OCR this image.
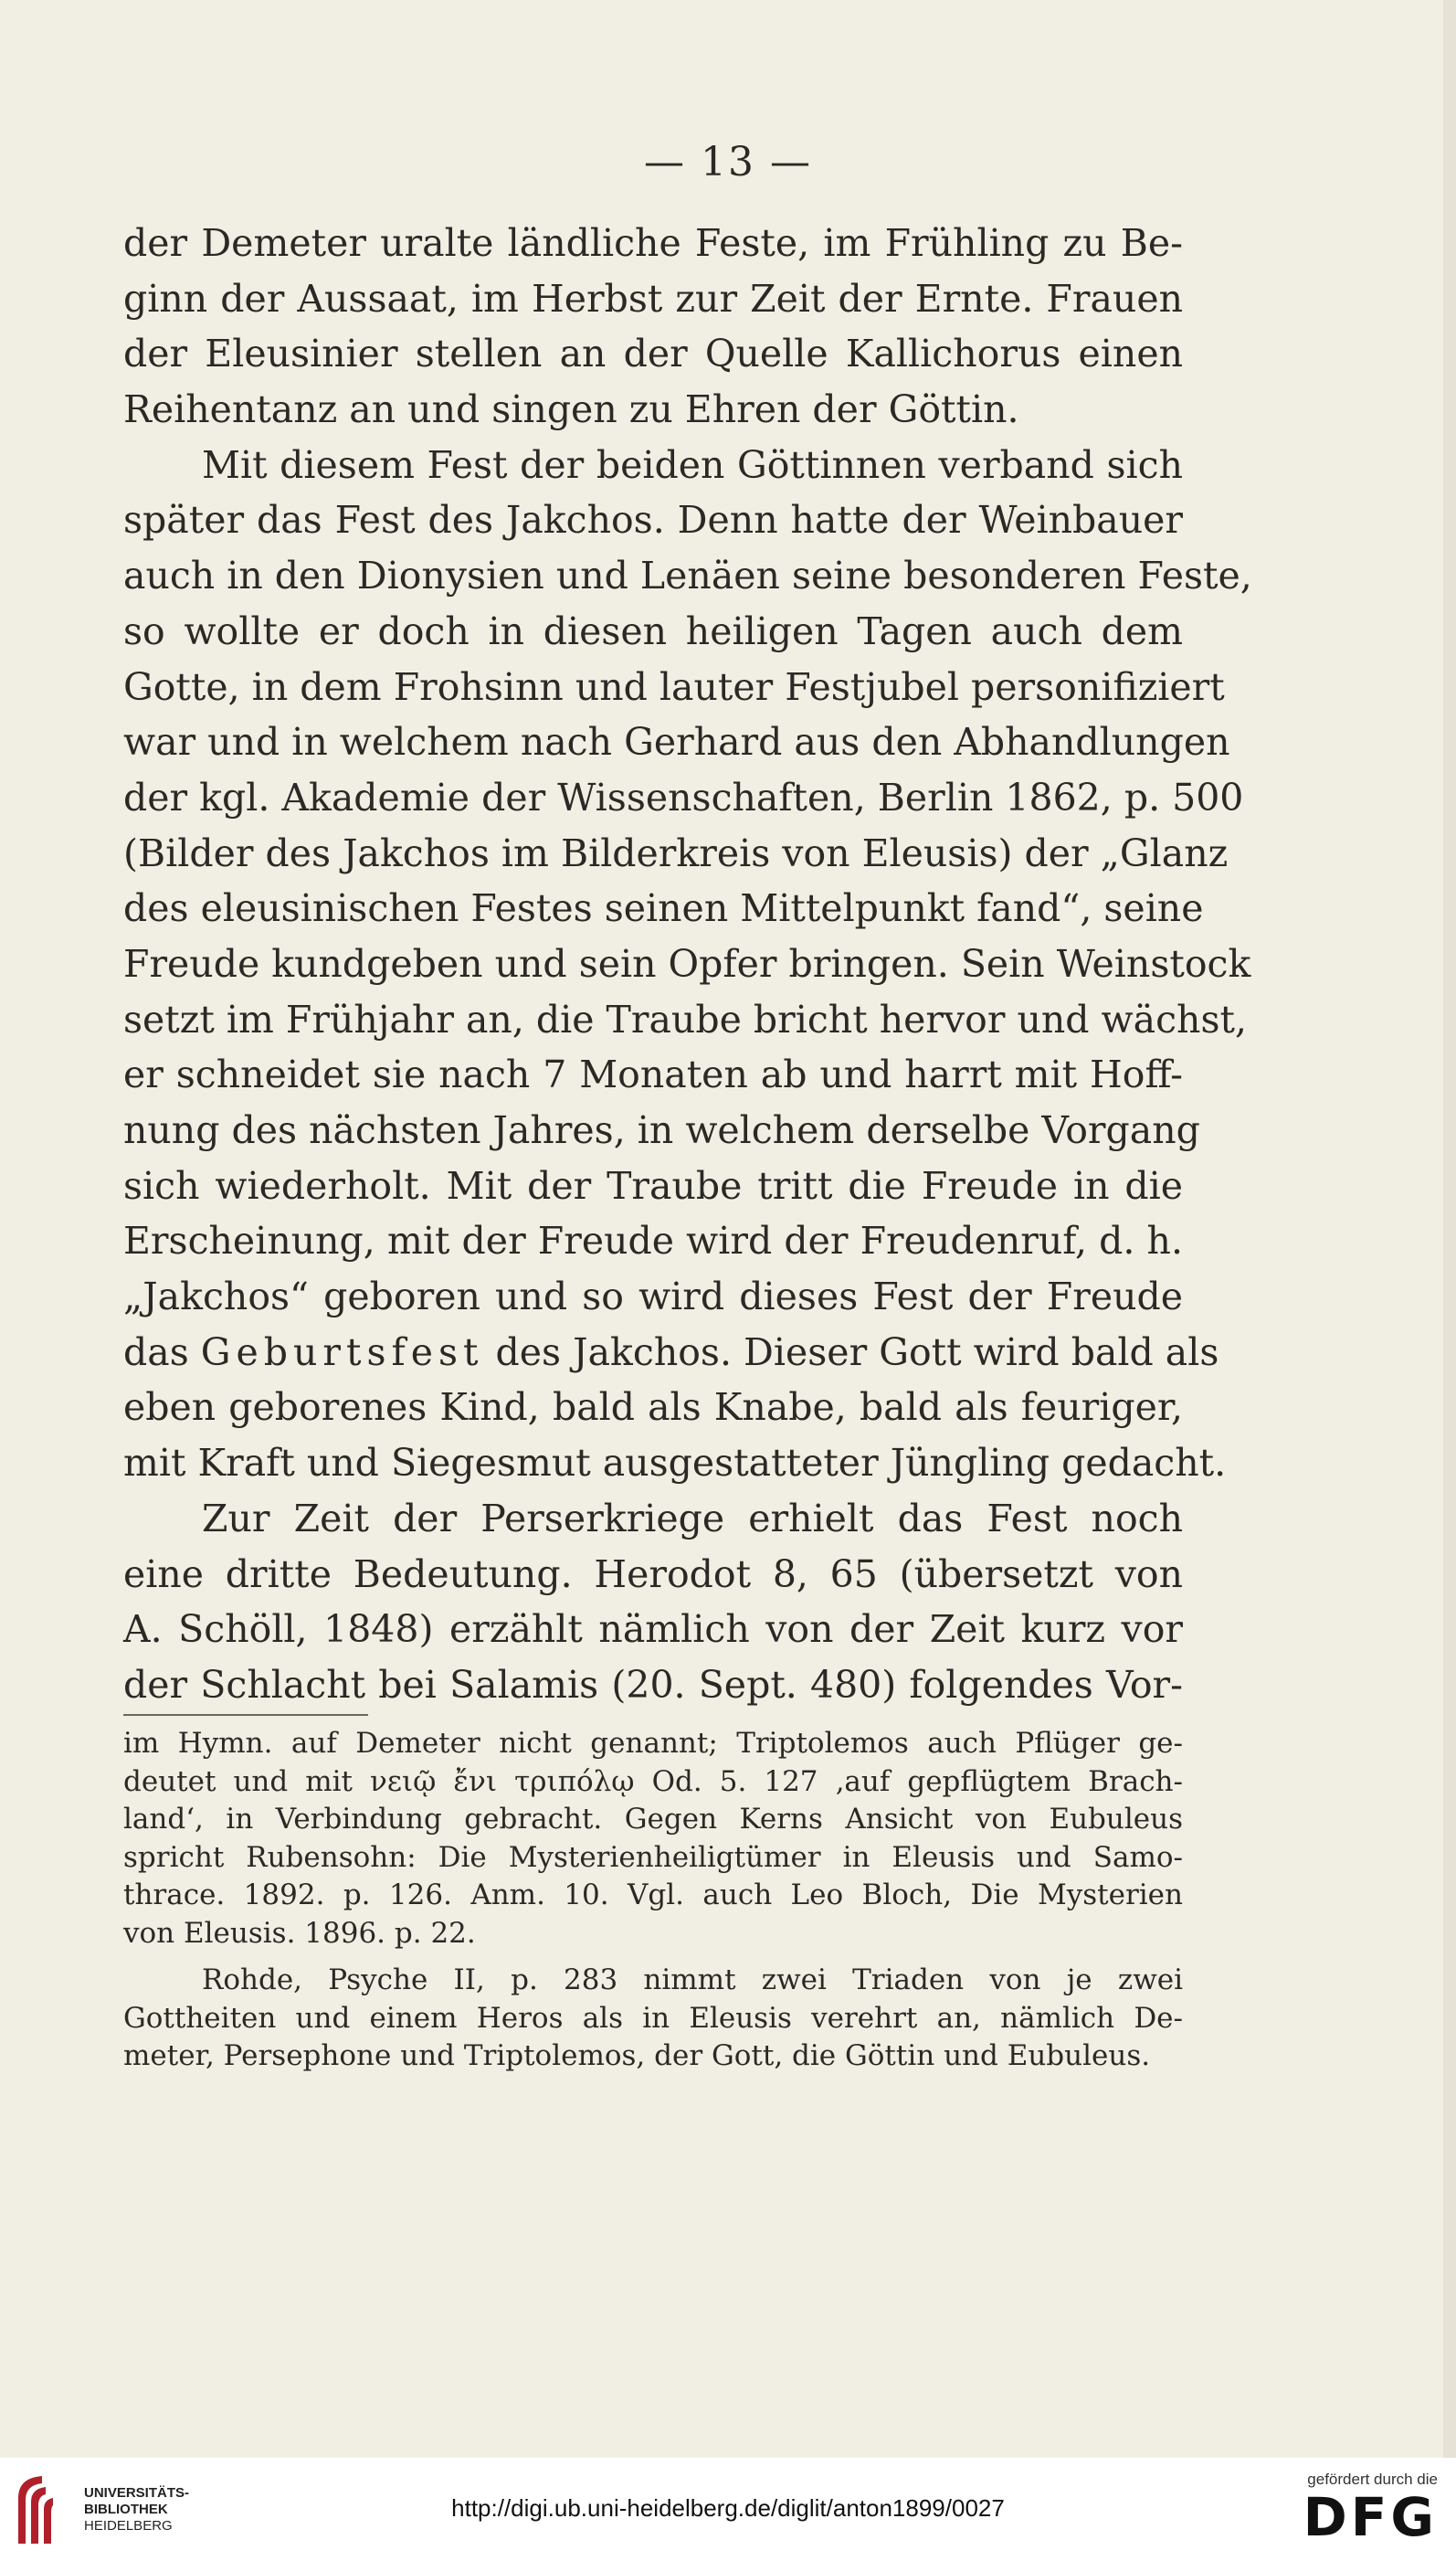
— 13 —
der Demeter uralte ländliche Feste, im Frühling zu Be-
ginn der Aussaat, im Herbst zur Zeit der Ernte. Frauen
der Eleusinier stellen an der Quelle Kallichorus einen
Reihentanz an und singen zu Ehren der Göttin.
Mit diesem Fest der beiden Göttinnen verband sich
später das Fest des Jakchos. Denn hatte der Weinbauer
auch in den Dionysien und Lenäen seine besonderen Feste,
so wollte er doch in diesen heiligen Tagen auch dem
Gotte, in dem Frohsinn und lauter Festjubel personifiziert
war und in welchem nach Gerhard aus den Abhandlungen
der kgl. Akademie der Wissenschaften, Berlin 1862, p. 500
(Bilder des Jakchos im Bilderkreis von Eleusis) der „Glanz
des eleusinischen Festes seinen Mittelpunkt fand“, seine
Freude kundgeben und sein Opfer bringen. Sein Weinstock
setzt im Frühjahr an, die Traube bricht hervor und wächst,
er schneidet sie nach 7 Monaten ab und harrt mit Hoff-
nung des nächsten Jahres, in welchem derselbe Vorgang
sich wiederholt. Mit der Traube tritt die Freude in die
Erscheinung, mit der Freude wird der Freudenruf, d. h.
„Jakchos“ geboren und so wird dieses Fest der Freude
das Geburtsfest des Jakchos. Dieser Gott wird bald als
eben geborenes Kind, bald als Knabe, bald als feuriger,
mit Kraft und Siegesmut ausgestatteter Jüngling gedacht.
Zur Zeit der Perserkriege erhielt das Fest noch
eine dritte Bedeutung. Herodot 8, 65 (übersetzt von
A. Schöll, 1848) erzählt nämlich von der Zeit kurz vor
der Schlacht bei Salamis (20. Sept. 480) folgendes Vor-
im Hymn. auf Demeter nicht genannt; Triptolemos auch Pflüger ge-
deutet und mit νειῷ ἔνι τριπόλῳ Od. 5. 127 ‚auf gepflügtem Brach-
land‘, in Verbindung gebracht. Gegen Kerns Ansicht von Eubuleus
spricht Rubensohn: Die Mysterienheiligtümer in Eleusis und Samo-
thrace. 1892. p. 126. Anm. 10. Vgl. auch Leo Bloch, Die Mysterien
von Eleusis. 1896. p. 22.
Rohde, Psyche II, p. 283 nimmt zwei Triaden von je zwei
Gottheiten und einem Heros als in Eleusis verehrt an, nämlich De-
meter, Persephone und Triptolemos, der Gott, die Göttin und Eubuleus.
UNIVERSITÄTS-
BIBLIOTHEK
HEIDELBERG
http://digi.ub.uni-heidelberg.de/diglit/anton1899/0027
gefördert durch die
DFG
